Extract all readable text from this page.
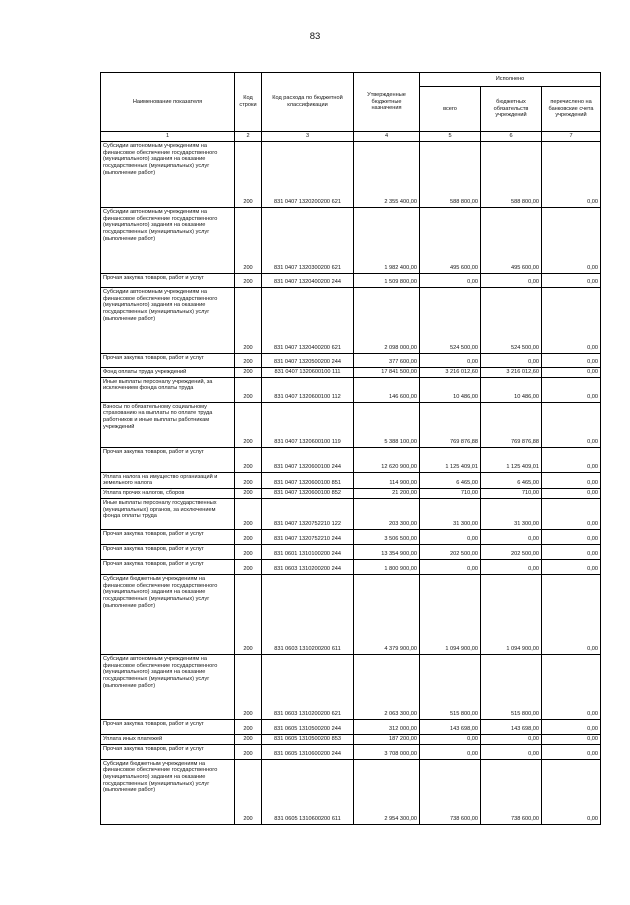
83
Наименование показателя	Код строки	Код расхода по бюджетной классификации	Утвержденные бюджетные назначения	Исполнено		
				всего	бюджетных обязательств учреждений	перечислено на банковские счета учреждений
1	2	3	4	5	6	7
Субсидии автономным учреждениям на финансовое обеспечение государственного (муниципального) задания на оказание государственных (муниципальных) услуг (выполнение работ)	200	831 0407 1320200200 621	2 355 400,00	588 800,00	588 800,00	0,00
Субсидии автономным учреждениям на финансовое обеспечение государственного (муниципального) задания на оказание государственных (муниципальных) услуг (выполнение работ)	200	831 0407 1320300200 621	1 982 400,00	495 600,00	495 600,00	0,00
Прочая закупка товаров, работ и услуг	200	831 0407 1320400200 244	1 509 800,00	0,00	0,00	0,00
Субсидии автономным учреждениям на финансовое обеспечение государственного (муниципального) задания на оказание государственных (муниципальных) услуг (выполнение работ)	200	831 0407 1320400200 621	2 098 000,00	524 500,00	524 500,00	0,00
Прочая закупка товаров, работ и услуг	200	831 0407 1320500200 244	377 600,00	0,00	0,00	0,00
Фонд оплаты труда учреждений	200	831 0407 1320600100 111	17 841 500,00	3 216 012,60	3 216 012,60	0,00
Иные выплаты персоналу учреждений, за исключением фонда оплаты труда	200	831 0407 1320600100 112	146 600,00	10 486,00	10 486,00	0,00
Взносы по обязательному социальному страхованию на выплаты по оплате труда работников и иные выплаты работникам учреждений	200	831 0407 1320600100 119	5 388 100,00	769 876,88	769 876,88	0,00
Прочая закупка товаров, работ и услуг	200	831 0407 1320600100 244	12 620 900,00	1 125 409,01	1 125 409,01	0,00
Уплата налога на имущество организаций и земельного налога	200	831 0407 1320600100 851	114 900,00	6 465,00	6 465,00	0,00
Уплата прочих налогов, сборов	200	831 0407 1320600100 852	21 200,00	710,00	710,00	0,00
Иные выплаты персоналу государственных (муниципальных) органов, за исключением фонда оплаты труда	200	831 0407 1320752210 122	203 300,00	31 300,00	31 300,00	0,00
Прочая закупка товаров, работ и услуг	200	831 0407 1320752210 244	3 506 500,00	0,00	0,00	0,00
Прочая закупка товаров, работ и услуг	200	831 0601 1310100200 244	13 354 900,00	202 500,00	202 500,00	0,00
Прочая закупка товаров, работ и услуг	200	831 0603 1310200200 244	1 800 900,00	0,00	0,00	0,00
Субсидии бюджетным учреждениям на финансовое обеспечение государственного (муниципального) задания на оказание государственных (муниципальных) услуг (выполнение работ)	200	831 0603 1310200200 611	4 379 900,00	1 094 900,00	1 094 900,00	0,00
Субсидии автономным учреждениям на финансовое обеспечение государственного (муниципального) задания на оказание государственных (муниципальных) услуг (выполнение работ)	200	831 0603 1310200200 621	2 063 300,00	515 800,00	515 800,00	0,00
Прочая закупка товаров, работ и услуг	200	831 0605 1310500200 244	312 000,00	143 698,00	143 698,00	0,00
Уплата иных платежей	200	831 0605 1310500200 853	187 200,00	0,00	0,00	0,00
Прочая закупка товаров, работ и услуг	200	831 0605 1310600200 244	3 708 000,00	0,00	0,00	0,00
Субсидии бюджетным учреждениям на финансовое обеспечение государственного (муниципального) задания на оказание государственных (муниципальных) услуг (выполнение работ)	200	831 0605 1310600200 611	2 954 300,00	738 600,00	738 600,00	0,00
